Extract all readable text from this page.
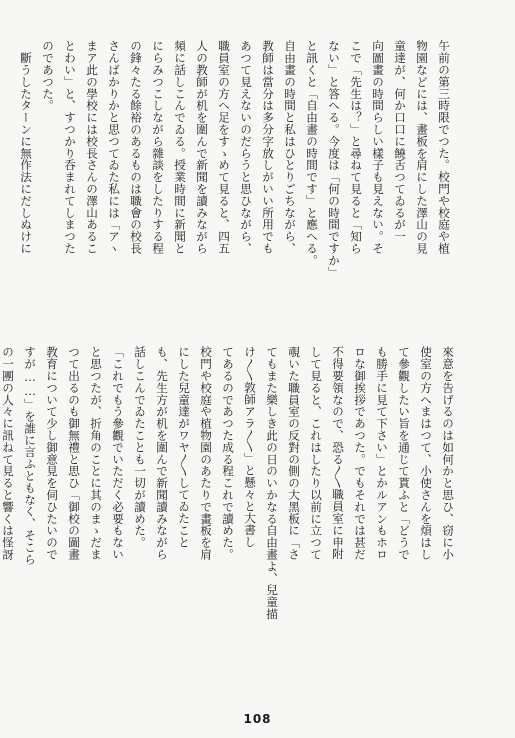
午前の第三時限でつた。校門や校庭や植
物園などには、畫板を肩にした澤山の見
童達が、何か口口に饒舌つてゐるが一
向圖畫の時間らしい樣子も見えない。そ
こで「先生は？」と尋ねて見ると「知ら
ない」と答へる。今度は「何の時間ですか」
と訊くと「自由畫の時間です」と應へる。
自由畫の時間と私はひとりごちながら、
教師は當分は多分字放しがいい所用でも
あつて見えないのだらうと思ひながら、
職員室の方へ足をすゝめて見ると、四五
人の教師が机を圍んで新聞を讀みながら
頻に話しこんでゐる。授業時間に新聞と
にらみつこしながら雜談をしたりする程
の鋒々たる餘裕のあるものは職會の校長
さんばかりかと思つてゐた私には「アヽ
まア此の學校には校長さんの澤山あるこ
とわい」と、すつかり呑まれてしまつた
のであつた。
　斷うしたターンに無作法にだしぬけに
來意を告げるのは如何かと思ひ、窃に小
使室の方へまはつて、小使さんを煩はし
て參觀したい旨を通じて貰ふと「どうで
も勝手に見て下さい」とかルアンもホロ
ロな御挨拶であつた。でもそれでは甚だ
不得要領なので、恐る〳〵職員室に申附
して見ると、これはしたり以前に立つて
覗いた職員室の反對の側の大黑板に「さ
てもまた樂しき此の日のいかなる自由畫よ、兒童描
け〳〵敦師アラ〳〵」と懸々と大書し
てあるのであつた成る程これで讀めた。
校門や校庭や植物園のあたりで畫板を肩
にした兒童達がワヤ〳〵してゐたこと
も、先生方が机を圍んで新聞讀みながら
話しこんでゐたことも一切が讀めた。
「これでもう參觀でいただく必要もない
と思つたが、折角のことに其のまゝだま
つて出るのも御無禮と思ひ「御校の圖畫
教育について少し御意見を伺ひたいので
すが……」を誰に言ふともなく、そこら
の一團の人々に訊ねて見ると響くは怪訝
108
